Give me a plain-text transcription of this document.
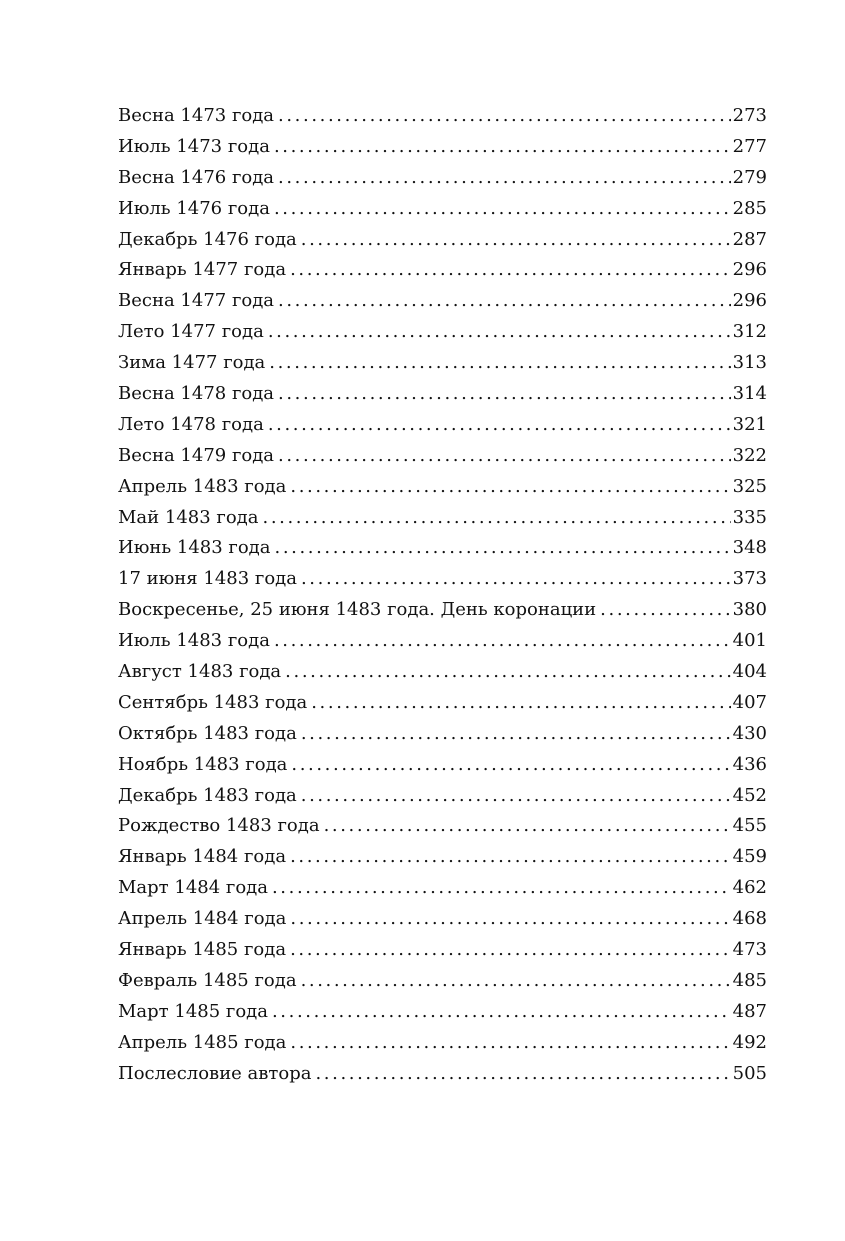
Весна 1473 года .....	273
Июль 1473 года .....	277
Весна 1476 года .....	279
Июль 1476 года .....	285
Декабрь 1476 года .....	287
Январь 1477 года .....	296
Весна 1477 года .....	296
Лето 1477 года .....	312
Зима 1477 года .....	313
Весна 1478 года .....	314
Лето 1478 года .....	321
Весна 1479 года .....	322
Апрель 1483 года .....	325
Май 1483 года .....	335
Июнь 1483 года .....	348
17 июня 1483 года .....	373
Воскресенье, 25 июня 1483 года. День коронации .....	380
Июль 1483 года .....	401
Август 1483 года .....	404
Сентябрь 1483 года .....	407
Октябрь 1483 года .....	430
Ноябрь 1483 года .....	436
Декабрь 1483 года .....	452
Рождество 1483 года .....	455
Январь 1484 года .....	459
Март 1484 года .....	462
Апрель 1484 года .....	468
Январь 1485 года .....	473
Февраль 1485 года .....	485
Март 1485 года .....	487
Апрель 1485 года .....	492
Послесловие автора .....	505
